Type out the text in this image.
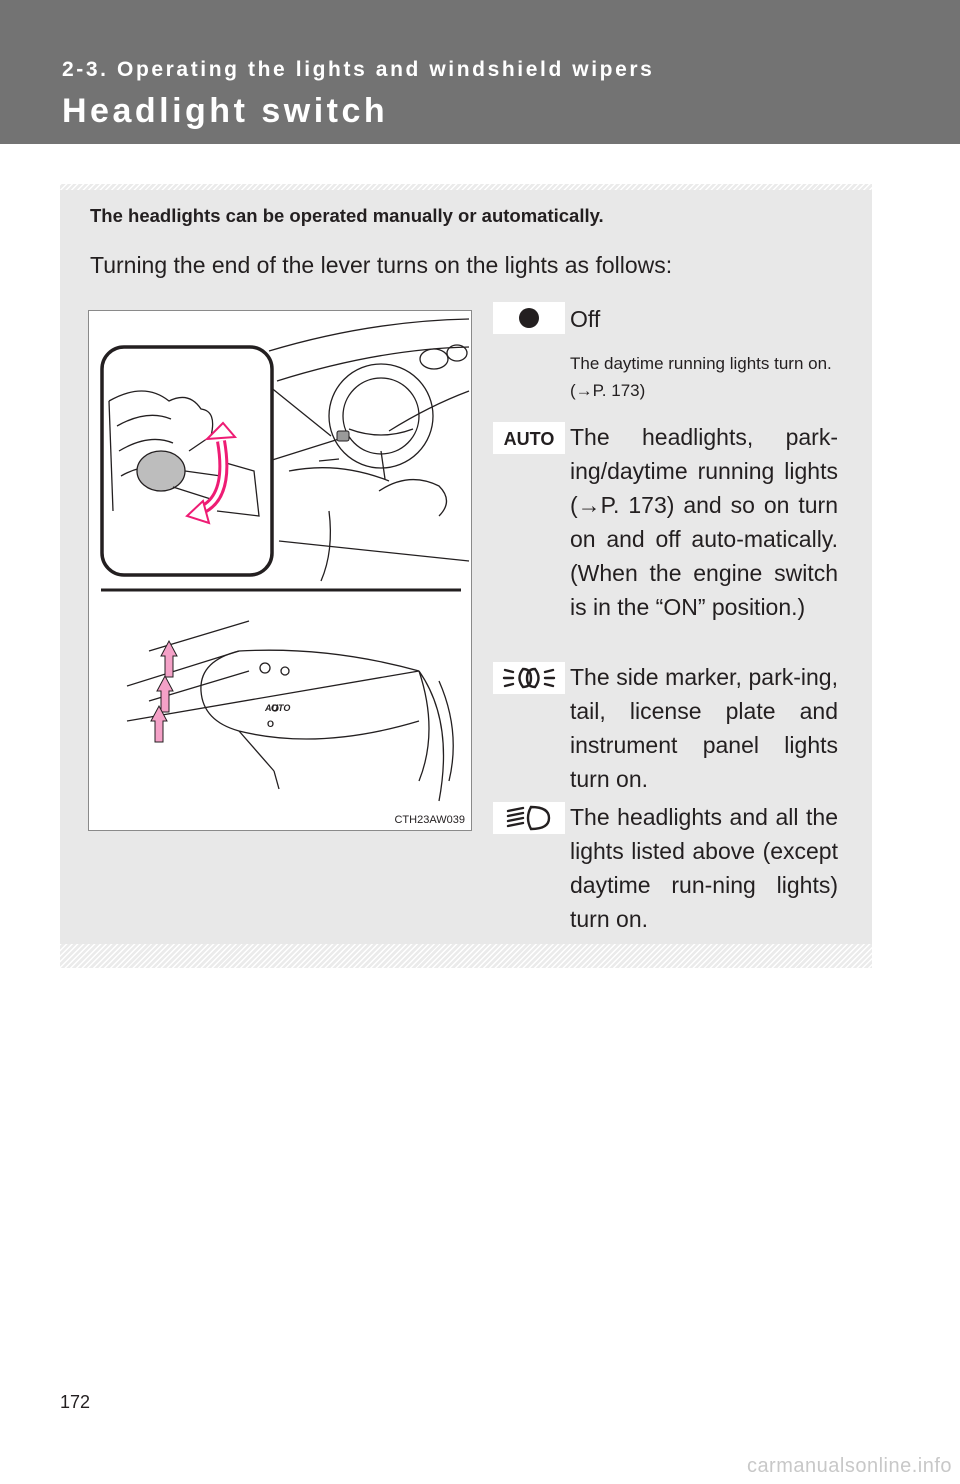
2-3. Operating the lights and windshield wipers
Headlight switch
The headlights can be operated manually or automatically.
Turning the end of the lever turns on the lights as follows:
AUTO
O
CTH23AW039
Off
The daytime running lights turn on. (→P. 173)
AUTO The headlights, park-ing/daytime running lights (→P. 173) and so on turn on and off auto-matically. (When the engine switch is in the “ON” position.)
The side marker, park-ing, tail, license plate and instrument panel lights turn on.
The headlights and all the lights listed above (except daytime run-ning lights) turn on.
172
carmanualsonline.info
